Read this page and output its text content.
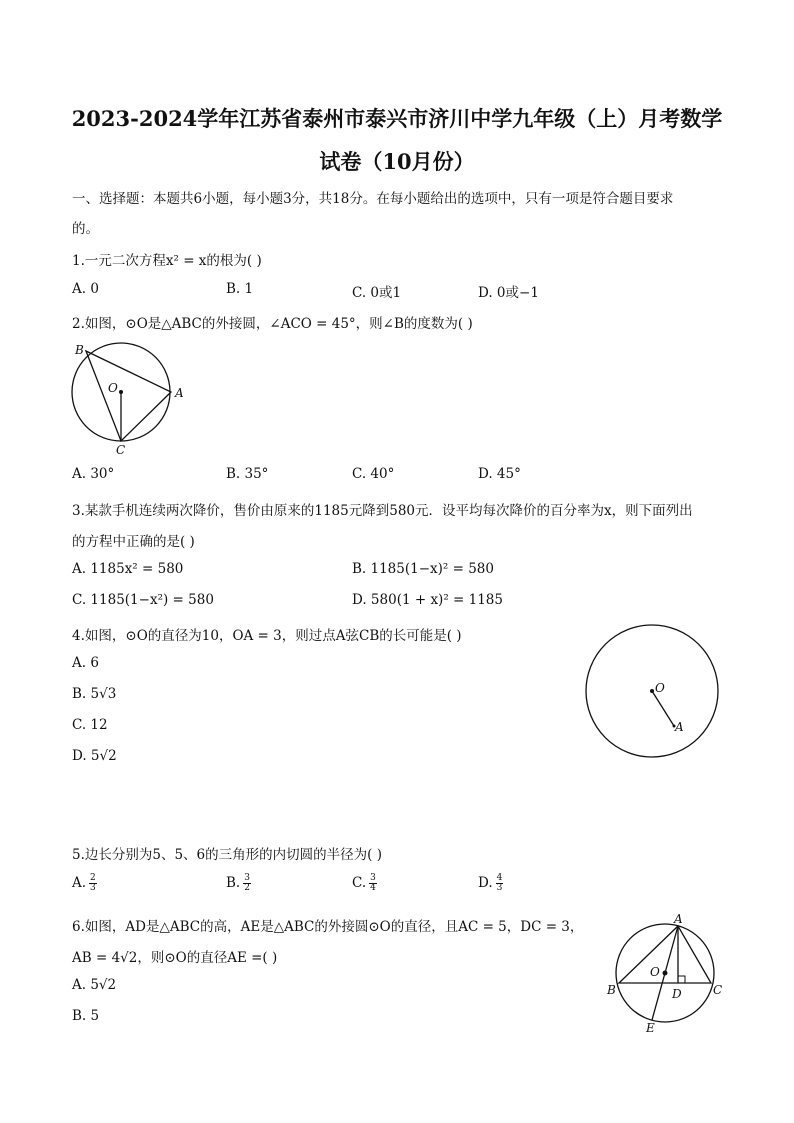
2023-2024学年江苏省泰州市泰兴市济川中学九年级（上）月考数学
试卷（10月份）
一、选择题：本题共6小题，每小题3分，共18分。在每小题给出的选项中，只有一项是符合题目要求
的。
1.一元二次方程x² = x的根为( )
A. 0	B. 1	C. 0或1	D. 0或−1
2.如图，⊙O是△ABC的外接圆，∠ACO = 45°，则∠B的度数为( )
B
O	A
C
A. 30°	B. 35°	C. 40°	D. 45°
3.某款手机连续两次降价，售价由原来的1185元降到580元．设平均每次降价的百分率为x，则下面列出
的方程中正确的是( )
A. 1185x² = 580	B. 1185(1−x)² = 580
C. 1185(1−x²) = 580	D. 580(1 + x)² = 1185
4.如图，⊙O的直径为10，OA = 3，则过点A弦CB的长可能是( )
A. 6
B. 5√3
C. 12
D. 5√2
O
A
5.边长分别为5、5、6的三角形的内切圆的半径为( )
A. $\frac{2}{3}$	B. $\frac{3}{2}$	C. $\frac{3}{4}$	D. $\frac{4}{3}$
6.如图，AD是△ABC的高，AE是△ABC的外接圆⊙O的直径，且AC = 5，DC = 3，
AB = 4√2，则⊙O的直径AE =( )
A. 5√2
B. 5
A
O
B	D	C
E
